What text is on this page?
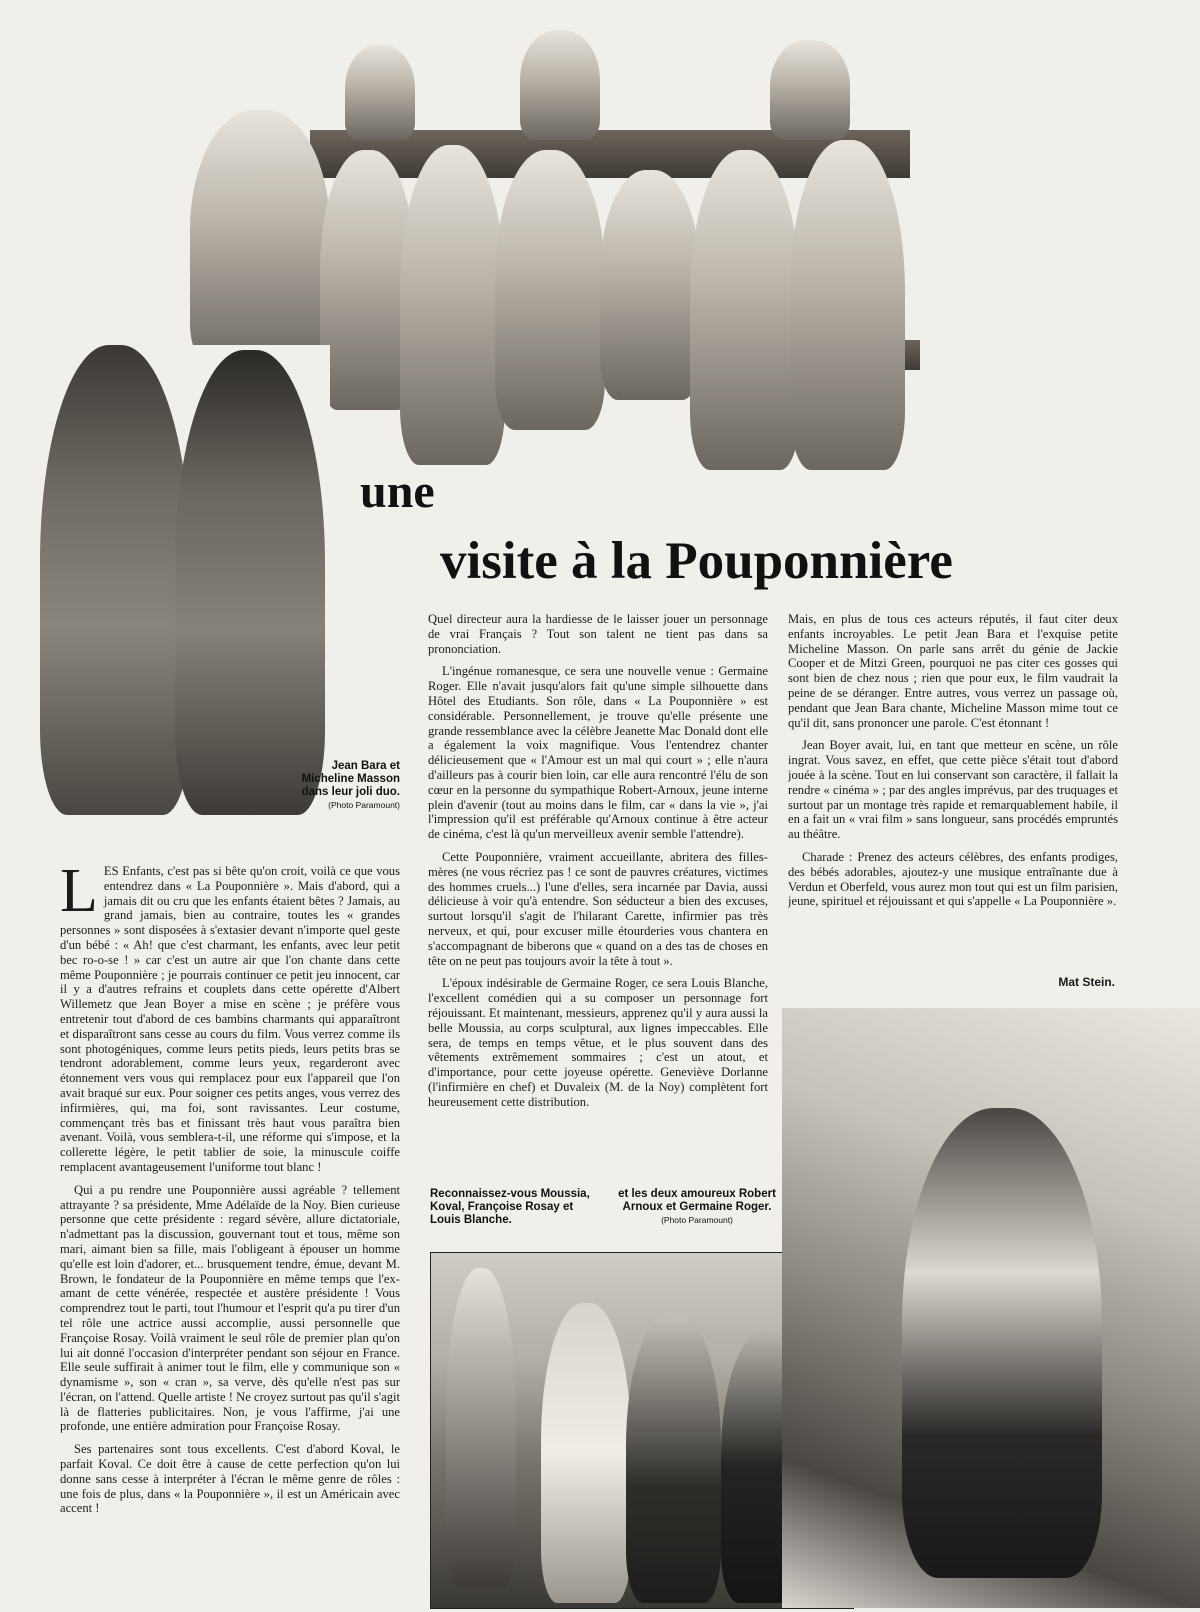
une
visite à la Pouponnière
Jean Bara et Micheline Masson dans leur joli duo.
(Photo Paramount)

LES Enfants, c'est pas si bête qu'on croit, voilà ce que vous entendrez dans « La Pouponnière ». Mais d'abord, qui a jamais dit ou cru que les enfants étaient bêtes ? Jamais, au grand jamais, bien au contraire, toutes les « grandes personnes » sont disposées à s'extasier devant n'importe quel geste d'un bébé : « Ah! que c'est charmant, les enfants, avec leur petit bec ro-o-se ! » car c'est un autre air que l'on chante dans cette même Pouponnière ; je pourrais continuer ce petit jeu innocent, car il y a d'autres refrains et couplets dans cette opérette d'Albert Willemetz que Jean Boyer a mise en scène ; je préfère vous entretenir tout d'abord de ces bambins charmants qui apparaîtront et disparaîtront sans cesse au cours du film. Vous verrez comme ils sont photogéniques, comme leurs petits pieds, leurs petits bras se tendront adorablement, comme leurs yeux, regarderont avec étonnement vers vous qui remplacez pour eux l'appareil que l'on avait braqué sur eux. Pour soigner ces petits anges, vous verrez des infirmières, qui, ma foi, sont ravissantes. Leur costume, commençant très bas et finissant très haut vous paraîtra bien avenant. Voilà, vous semblera-t-il, une réforme qui s'impose, et la collerette légère, le petit tablier de soie, la minuscule coiffe remplacent avantageusement l'uniforme tout blanc !

Qui a pu rendre une Pouponnière aussi agréable ? tellement attrayante ? sa présidente, Mme Adélaïde de la Noy. Bien curieuse personne que cette présidente : regard sévère, allure dictatoriale, n'admettant pas la discussion, gouvernant tout et tous, même son mari, aimant bien sa fille, mais l'obligeant à épouser un homme qu'elle est loin d'adorer, et... brusquement tendre, émue, devant M. Brown, le fondateur de la Pouponnière en même temps que l'ex-amant de cette vénérée, respectée et austère présidente ! Vous comprendrez tout le parti, tout l'humour et l'esprit qu'a pu tirer d'un tel rôle une actrice aussi accomplie, aussi personnelle que Françoise Rosay. Voilà vraiment le seul rôle de premier plan qu'on lui ait donné l'occasion d'interpréter pendant son séjour en France. Elle seule suffirait à animer tout le film, elle y communique son « dynamisme », son « cran », sa verve, dès qu'elle n'est pas sur l'écran, on l'attend. Quelle artiste ! Ne croyez surtout pas qu'il s'agit là de flatteries publicitaires. Non, je vous l'affirme, j'ai une profonde, une entière admiration pour Françoise Rosay.

Ses partenaires sont tous excellents. C'est d'abord Koval, le parfait Koval. Ce doit être à cause de cette perfection qu'on lui donne sans cesse à interpréter à l'écran le même genre de rôles : une fois de plus, dans « la Pouponnière », il est un Américain avec accent !

Quel directeur aura la hardiesse de le laisser jouer un personnage de vrai Français ? Tout son talent ne tient pas dans sa prononciation.

L'ingénue romanesque, ce sera une nouvelle venue : Germaine Roger. Elle n'avait jusqu'alors fait qu'une simple silhouette dans Hôtel des Etudiants. Son rôle, dans « La Pouponnière » est considérable. Personnellement, je trouve qu'elle présente une grande ressemblance avec la célèbre Jeanette Mac Donald dont elle a également la voix magnifique. Vous l'entendrez chanter délicieusement que « l'Amour est un mal qui court » ; elle n'aura d'ailleurs pas à courir bien loin, car elle aura rencontré l'élu de son cœur en la personne du sympathique Robert-Arnoux, jeune interne plein d'avenir (tout au moins dans le film, car « dans la vie », j'ai l'impression qu'il est préférable qu'Arnoux continue à être acteur de cinéma, c'est là qu'un merveilleux avenir semble l'attendre).

Cette Pouponnière, vraiment accueillante, abritera des filles-mères (ne vous récriez pas ! ce sont de pauvres créatures, victimes des hommes cruels...) l'une d'elles, sera incarnée par Davia, aussi délicieuse à voir qu'à entendre. Son séducteur a bien des excuses, surtout lorsqu'il s'agit de l'hilarant Carette, infirmier pas très nerveux, et qui, pour excuser mille étourderies vous chantera en s'accompagnant de biberons que « quand on a des tas de choses en tête on ne peut pas toujours avoir la tête à tout ».

L'époux indésirable de Germaine Roger, ce sera Louis Blanche, l'excellent comédien qui a su composer un personnage fort réjouissant. Et maintenant, messieurs, apprenez qu'il y aura aussi la belle Moussia, au corps sculptural, aux lignes impeccables. Elle sera, de temps en temps vêtue, et le plus souvent dans des vêtements extrêmement sommaires ; c'est un atout, et d'importance, pour cette joyeuse opérette. Geneviève Dorlanne (l'infirmière en chef) et Duvaleix (M. de la Noy) complètent fort heureusement cette distribution.

Mais, en plus de tous ces acteurs réputés, il faut citer deux enfants incroyables. Le petit Jean Bara et l'exquise petite Micheline Masson. On parle sans arrêt du génie de Jackie Cooper et de Mitzi Green, pourquoi ne pas citer ces gosses qui sont bien de chez nous ; rien que pour eux, le film vaudrait la peine de se déranger. Entre autres, vous verrez un passage où, pendant que Jean Bara chante, Micheline Masson mime tout ce qu'il dit, sans prononcer une parole. C'est étonnant !

Jean Boyer avait, lui, en tant que metteur en scène, un rôle ingrat. Vous savez, en effet, que cette pièce s'était tout d'abord jouée à la scène. Tout en lui conservant son caractère, il fallait la rendre « cinéma » ; par des angles imprévus, par des truquages et surtout par un montage très rapide et remarquablement habile, il en a fait un « vrai film » sans longueur, sans procédés empruntés au théâtre.

Charade : Prenez des acteurs célèbres, des enfants prodiges, des bébés adorables, ajoutez-y une musique entraînante due à Verdun et Oberfeld, vous aurez mon tout qui est un film parisien, jeune, spirituel et réjouissant et qui s'appelle « La Pouponnière ».

Mat Stein.
Reconnaissez-vous Moussia, Koval, Françoise Rosay et Louis Blanche.
et les deux amoureux Robert Arnoux et Germaine Roger.
(Photo Paramount)
